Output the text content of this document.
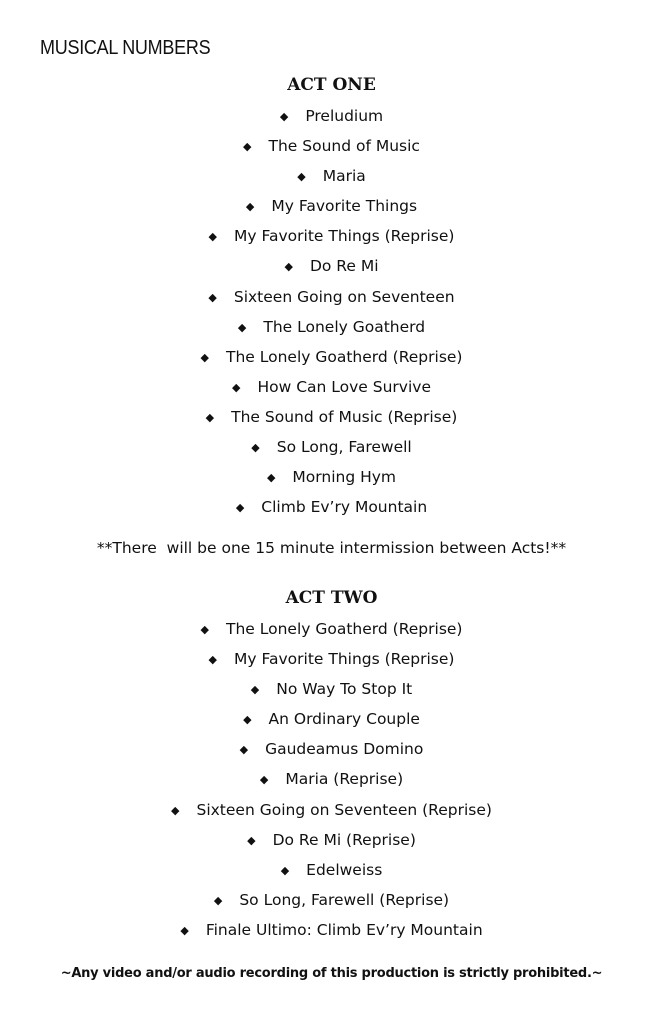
MUSICAL NUMBERS
ACT ONE
◆ Preludium
◆ The Sound of Music
◆ Maria
◆ My Favorite Things
◆ My Favorite Things (Reprise)
◆ Do Re Mi
◆ Sixteen Going on Seventeen
◆ The Lonely Goatherd
◆ The Lonely Goatherd (Reprise)
◆ How Can Love Survive
◆ The Sound of Music (Reprise)
◆ So Long, Farewell
◆ Morning Hym
◆ Climb Ev’ry Mountain

**There  will be one 15 minute intermission between Acts!**

ACT TWO
◆ The Lonely Goatherd (Reprise)
◆ My Favorite Things (Reprise)
◆ No Way To Stop It
◆ An Ordinary Couple
◆ Gaudeamus Domino
◆ Maria (Reprise)
◆ Sixteen Going on Seventeen (Reprise)
◆ Do Re Mi (Reprise)
◆ Edelweiss
◆ So Long, Farewell (Reprise)
◆ Finale Ultimo: Climb Ev’ry Mountain

~Any video and/or audio recording of this production is strictly prohibited.~
